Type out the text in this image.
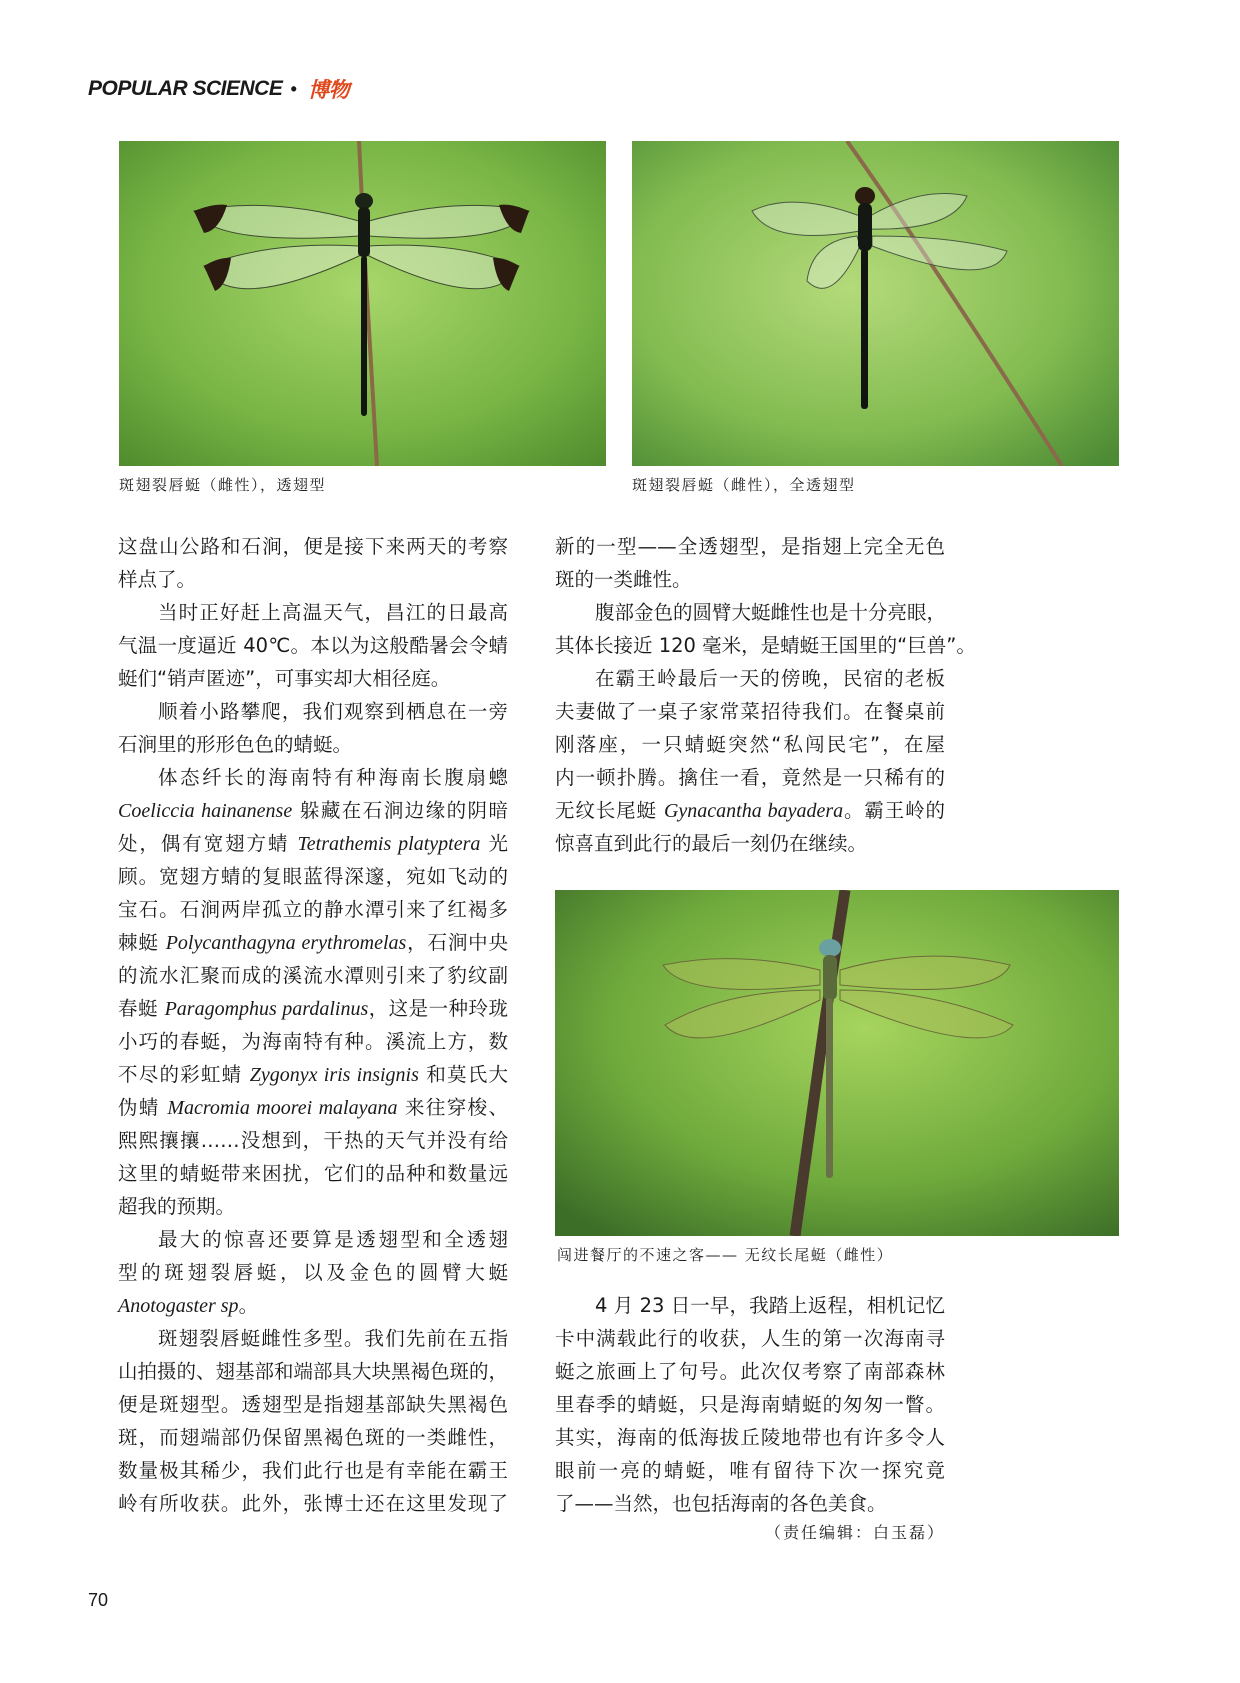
POPULAR SCIENCE • 博物
斑翅裂唇蜓（雌性），透翅型	斑翅裂唇蜓（雌性），全透翅型
闯进餐厅的不速之客—— 无纹长尾蜓（雌性）
这盘山公路和石涧，便是接下来两天的考察
样点了。
当时正好赶上高温天气，昌江的日最高
气温一度逼近 40℃。本以为这般酷暑会令蜻
蜓们“销声匿迹”，可事实却大相径庭。
顺着小路攀爬，我们观察到栖息在一旁
石涧里的形形色色的蜻蜓。
体态纤长的海南特有种海南长腹扇蟌
Coeliccia hainanense 躲藏在石涧边缘的阴暗
处，偶有宽翅方蜻 Tetrathemis platyptera 光
顾。宽翅方蜻的复眼蓝得深邃，宛如飞动的
宝石。石涧两岸孤立的静水潭引来了红褐多
棘蜓 Polycanthagyna erythromelas，石涧中央
的流水汇聚而成的溪流水潭则引来了豹纹副
春蜓 Paragomphus pardalinus，这是一种玲珑
小巧的春蜓，为海南特有种。溪流上方，数
不尽的彩虹蜻 Zygonyx iris insignis 和莫氏大
伪蜻 Macromia moorei malayana 来往穿梭、
熙熙攘攘……没想到，干热的天气并没有给
这里的蜻蜓带来困扰，它们的品种和数量远
超我的预期。
最大的惊喜还要算是透翅型和全透翅
型的斑翅裂唇蜓，以及金色的圆臂大蜓
Anotogaster sp。
斑翅裂唇蜓雌性多型。我们先前在五指
山拍摄的、翅基部和端部具大块黑褐色斑的，
便是斑翅型。透翅型是指翅基部缺失黑褐色
斑，而翅端部仍保留黑褐色斑的一类雌性，
数量极其稀少，我们此行也是有幸能在霸王
岭有所收获。此外，张博士还在这里发现了
新的一型——全透翅型，是指翅上完全无色
斑的一类雌性。
腹部金色的圆臂大蜓雌性也是十分亮眼，
其体长接近 120 毫米，是蜻蜓王国里的“巨兽”。
在霸王岭最后一天的傍晚，民宿的老板
夫妻做了一桌子家常菜招待我们。在餐桌前
刚落座，一只蜻蜓突然“私闯民宅”，在屋
内一顿扑腾。擒住一看，竟然是一只稀有的
无纹长尾蜓 Gynacantha bayadera。霸王岭的
惊喜直到此行的最后一刻仍在继续。
4 月 23 日一早，我踏上返程，相机记忆
卡中满载此行的收获，人生的第一次海南寻
蜓之旅画上了句号。此次仅考察了南部森林
里春季的蜻蜓，只是海南蜻蜓的匆匆一瞥。
其实，海南的低海拔丘陵地带也有许多令人
眼前一亮的蜻蜓，唯有留待下次一探究竟
了——当然，也包括海南的各色美食。
（责任编辑：白玉磊）
70
